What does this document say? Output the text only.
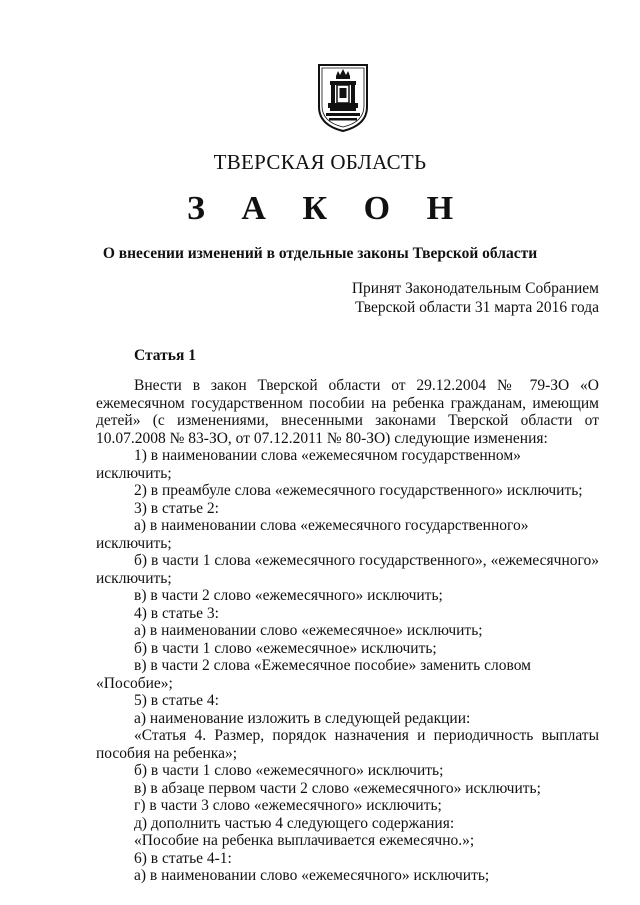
ТВЕРСКАЯ ОБЛАСТЬ
З А К О Н
О внесении изменений в отдельные законы Тверской области
Принят Законодательным Собранием
Тверской области 31 марта 2016 года
Статья 1

Внести в закон Тверской области от 29.12.2004 № 79-ЗО «О ежемесячном государственном пособии на ребенка гражданам, имеющим детей» (с изменениями, внесенными законами Тверской области от 10.07.2008 № 83-ЗО, от 07.12.2011 № 80-ЗО) следующие изменения:

1) в наименовании слова «ежемесячном государственном» исключить;

2) в преамбуле слова «ежемесячного государственного» исключить;

3) в статье 2:

а) в наименовании слова «ежемесячного государственного» исключить;

б) в части 1 слова «ежемесячного государственного», «ежемесячного» исключить;

в) в части 2 слово «ежемесячного» исключить;

4) в статье 3:

а) в наименовании слово «ежемесячное» исключить;

б) в части 1 слово «ежемесячное» исключить;

в) в части 2 слова «Ежемесячное пособие» заменить словом «Пособие»;

5) в статье 4:

а) наименование изложить в следующей редакции:

«Статья 4. Размер, порядок назначения и периодичность выплаты пособия на ребенка»;

б) в части 1 слово «ежемесячного» исключить;

в) в абзаце первом части 2 слово «ежемесячного» исключить;

г) в части 3 слово «ежемесячного» исключить;

д) дополнить частью 4 следующего содержания:

«Пособие на ребенка выплачивается ежемесячно.»;

6) в статье 4-1:

а) в наименовании слово «ежемесячного» исключить;
